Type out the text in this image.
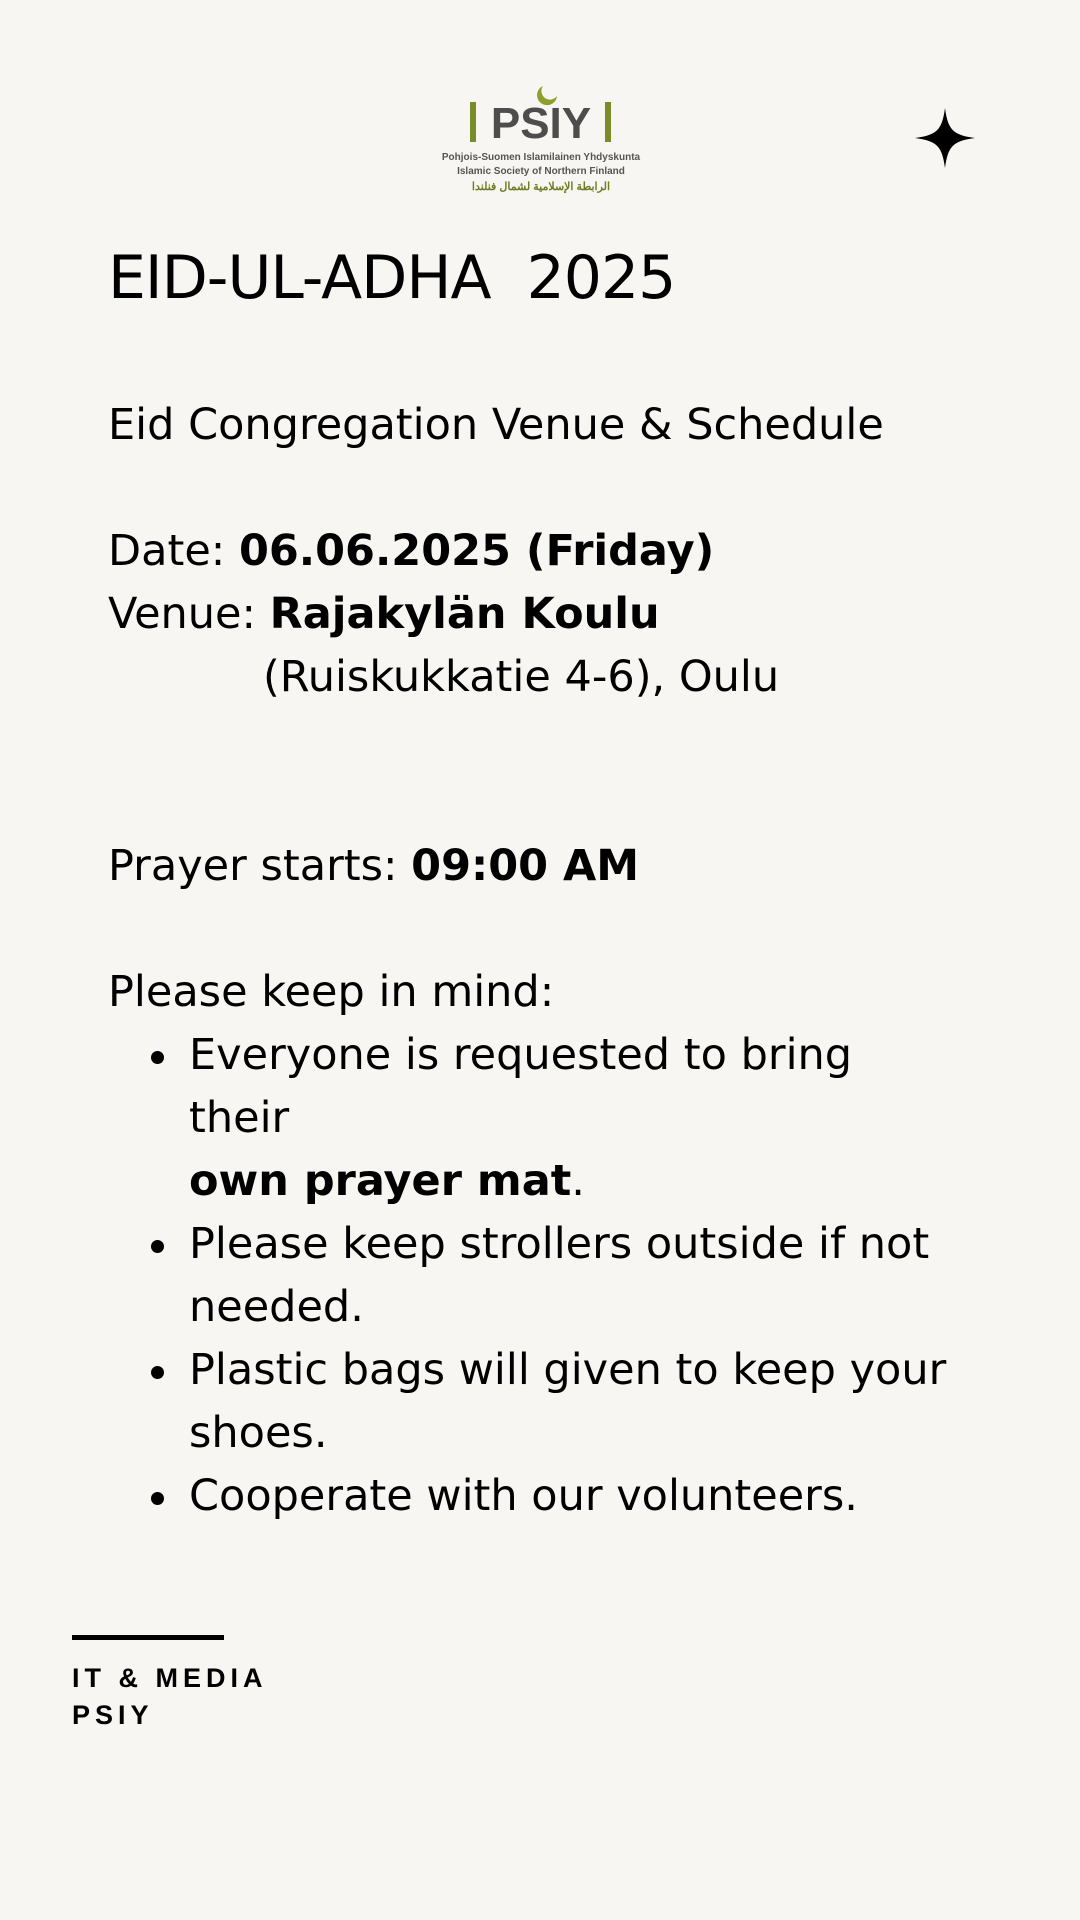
PSIY
Pohjois-Suomen Islamilainen Yhdyskunta
Islamic Society of Northern Finland
الرابطة الإسلامية لشمال فنلندا
EID-UL-ADHA  2025
Eid Congregation Venue & Schedule
Date: 06.06.2025 (Friday)
Venue: Rajakylän Koulu
(Ruiskukkatie 4-6), Oulu
Prayer starts: 09:00 AM
Please keep in mind:
Everyone is requested to bring their
own prayer mat.
Please keep strollers outside if not
needed.
Plastic bags will given to keep your
shoes.
Cooperate with our volunteers.
IT & MEDIA
PSIY
